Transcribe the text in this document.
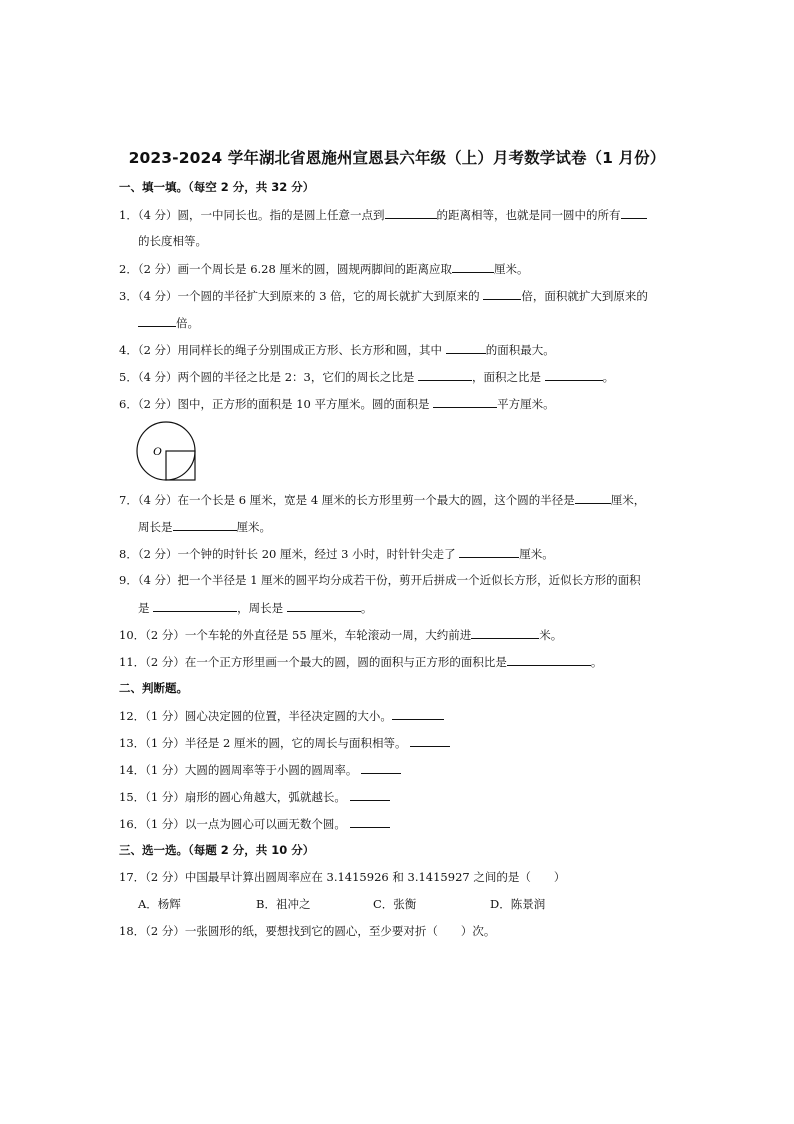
2023-2024 学年湖北省恩施州宣恩县六年级（上）月考数学试卷（1 月份）
一、填一填。（每空 2 分，共 32 分）
1．（4 分）圆，一中同长也。指的是圆上任意一点到	的距离相等，也就是同一圆中的所有
的长度相等。
2．（2 分）画一个周长是 6.28 厘米的圆，圆规两脚间的距离应取	厘米。
3．（4 分）一个圆的半径扩大到原来的 3 倍，它的周长就扩大到原来的	倍，面积就扩大到原来的
倍。
4．（2 分）用同样长的绳子分别围成正方形、长方形和圆，其中	的面积最大。
5．（4 分）两个圆的半径之比是 2：3，它们的周长之比是	，面积之比是	。
6．（2 分）图中，正方形的面积是 10 平方厘米。圆的面积是	平方厘米。
O
7．（4 分）在一个长是 6 厘米，宽是 4 厘米的长方形里剪一个最大的圆，这个圆的半径是	厘米，
周长是	厘米。
8．（2 分）一个钟的时针长 20 厘米，经过 3 小时，时针针尖走了	厘米。
9．（4 分）把一个半径是 1 厘米的圆平均分成若干份，剪开后拼成一个近似长方形，近似长方形的面积
是	，周长是	。
10．（2 分）一个车轮的外直径是 55 厘米，车轮滚动一周，大约前进	米。
11．（2 分）在一个正方形里画一个最大的圆，圆的面积与正方形的面积比是	。
二、判断题。
12．（1 分）圆心决定圆的位置，半径决定圆的大小。
13．（1 分）半径是 2 厘米的圆，它的周长与面积相等。
14．（1 分）大圆的圆周率等于小圆的圆周率。
15．（1 分）扇形的圆心角越大，弧就越长。
16．（1 分）以一点为圆心可以画无数个圆。
三、选一选。（每题 2 分，共 10 分）
17．（2 分）中国最早计算出圆周率应在 3.1415926 和 3.1415927 之间的是（　　）
A．杨辉	B．祖冲之	C．张衡	D．陈景润
18．（2 分）一张圆形的纸，要想找到它的圆心，至少要对折（　　）次。
